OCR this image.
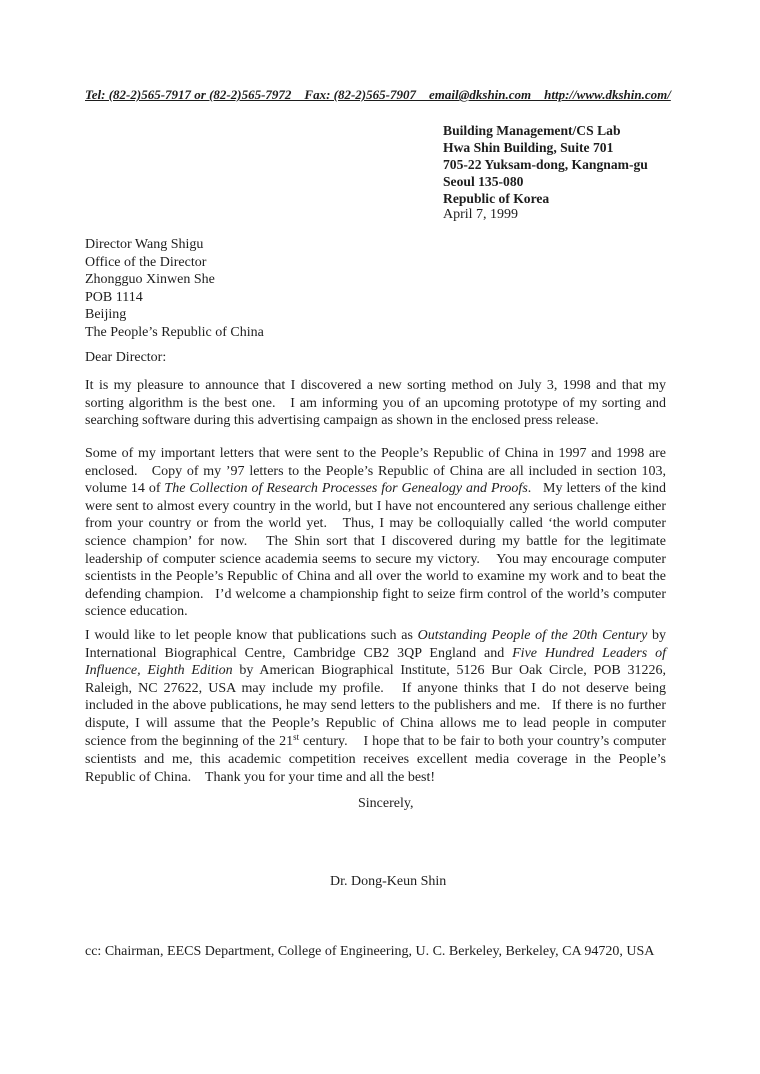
Tel: (82-2)565-7917 or (82-2)565-7972    Fax: (82-2)565-7907    email@dkshin.com    http://www.dkshin.com/
Building Management/CS Lab
Hwa Shin Building, Suite 701
705-22 Yuksam-dong, Kangnam-gu
Seoul 135-080
Republic of Korea
April 7, 1999
Director Wang Shigu
Office of the Director
Zhongguo Xinwen She
POB 1114
Beijing
The People’s Republic of China
Dear Director:
It is my pleasure to announce that I discovered a new sorting method on July 3, 1998 and that my sorting algorithm is the best one.   I am informing you of an upcoming prototype of my sorting and searching software during this advertising campaign as shown in the enclosed press release.
Some of my important letters that were sent to the People’s Republic of China in 1997 and 1998 are enclosed.   Copy of my ’97 letters to the People’s Republic of China are all included in section 103, volume 14 of The Collection of Research Processes for Genealogy and Proofs.   My letters of the kind were sent to almost every country in the world, but I have not encountered any serious challenge either from your country or from the world yet.   Thus, I may be colloquially called ‘the world computer science champion’ for now.   The Shin sort that I discovered during my battle for the legitimate leadership of computer science academia seems to secure my victory.    You may encourage computer scientists in the People’s Republic of China and all over the world to examine my work and to beat the defending champion.   I’d welcome a championship fight to seize firm control of the world’s computer science education.
I would like to let people know that publications such as Outstanding People of the 20th Century by International Biographical Centre, Cambridge CB2 3QP England and Five Hundred Leaders of Influence, Eighth Edition by American Biographical Institute, 5126 Bur Oak Circle, POB 31226, Raleigh, NC 27622, USA may include my profile.   If anyone thinks that I do not deserve being included in the above publications, he may send letters to the publishers and me.   If there is no further dispute, I will assume that the People’s Republic of China allows me to lead people in computer science from the beginning of the 21st century.    I hope that to be fair to both your country’s computer scientists and me, this academic competition receives excellent media coverage in the People’s Republic of China.    Thank you for your time and all the best!
Sincerely,
Dr. Dong-Keun Shin
cc: Chairman, EECS Department, College of Engineering, U. C. Berkeley, Berkeley, CA 94720, USA
